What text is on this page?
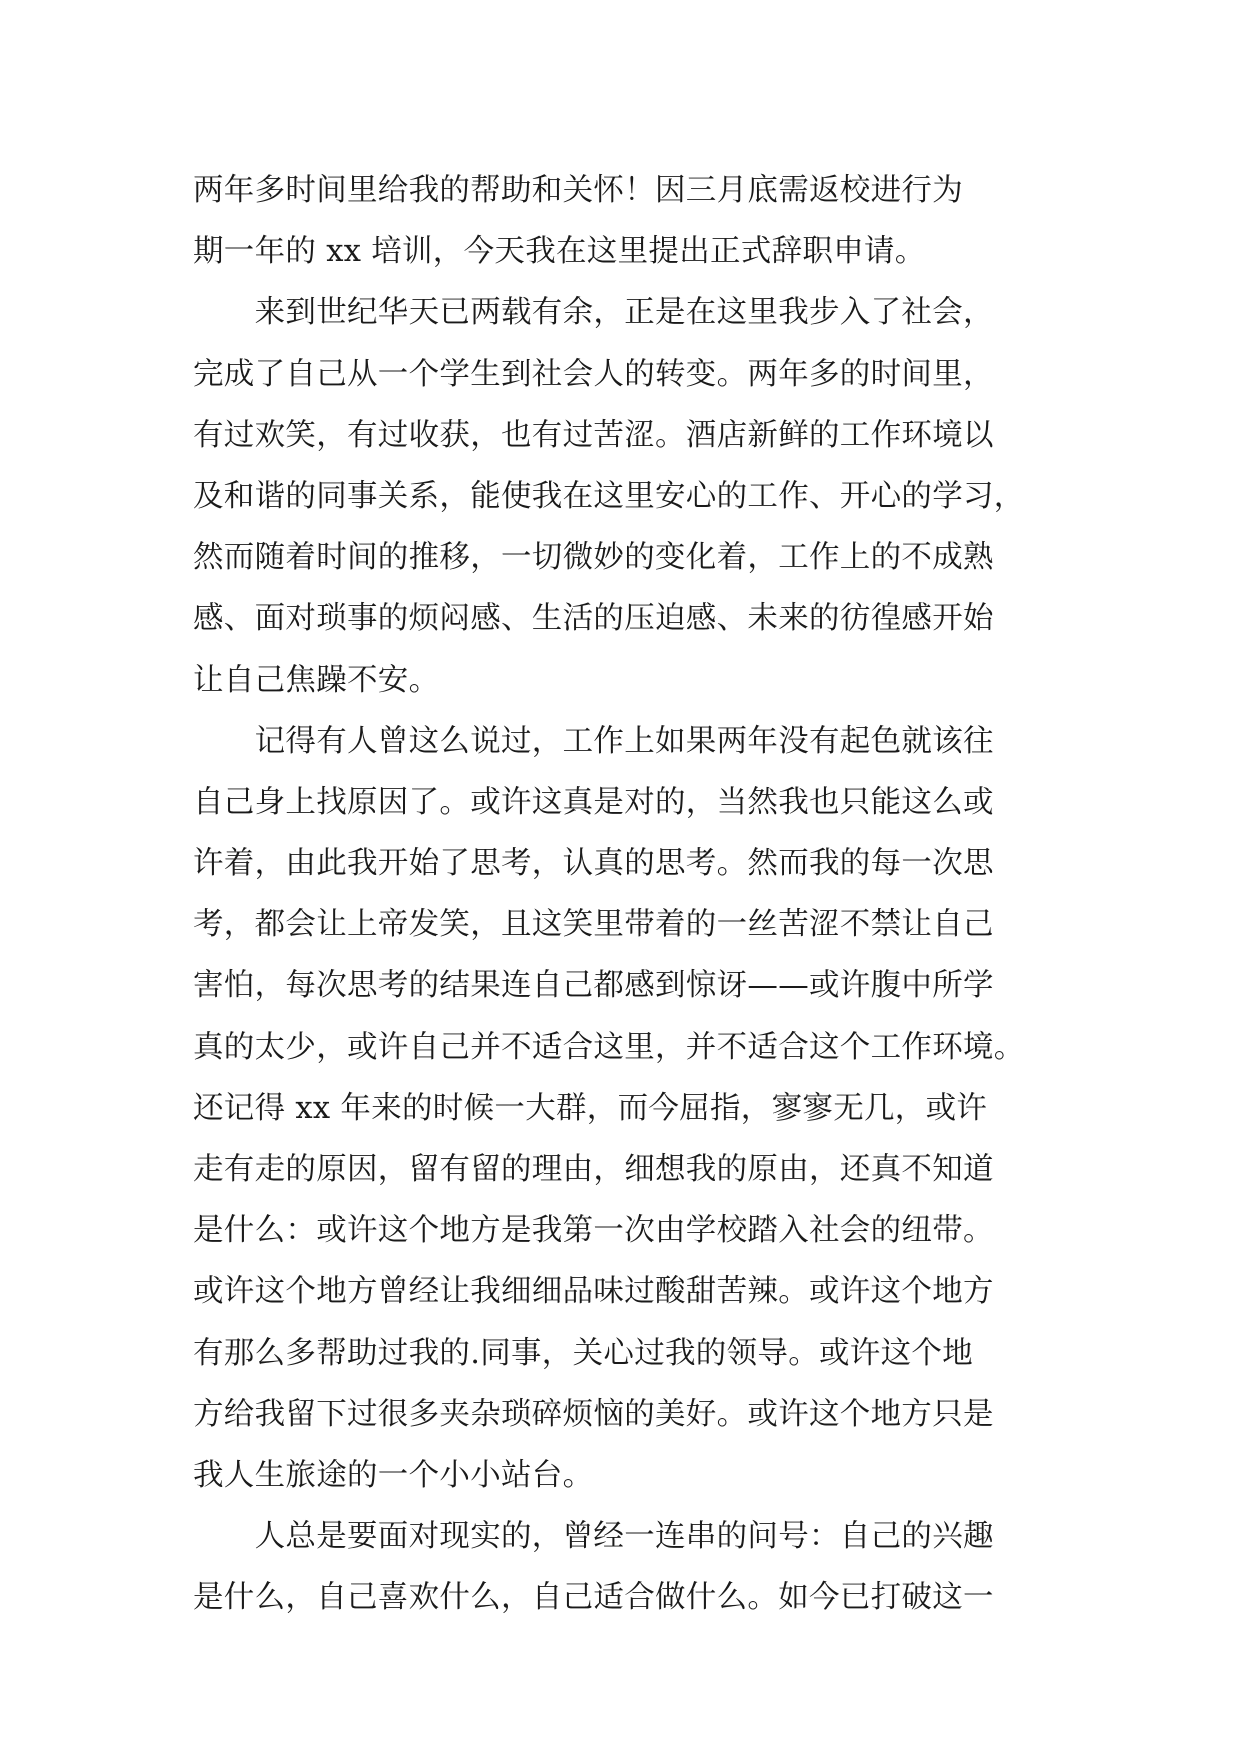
两年多时间里给我的帮助和关怀！因三月底需返校进行为
期一年的 xx 培训，今天我在这里提出正式辞职申请。
　　来到世纪华天已两载有余，正是在这里我步入了社会，
完成了自己从一个学生到社会人的转变。两年多的时间里，
有过欢笑，有过收获，也有过苦涩。酒店新鲜的工作环境以
及和谐的同事关系，能使我在这里安心的工作、开心的学习，
然而随着时间的推移，一切微妙的变化着，工作上的不成熟
感、面对琐事的烦闷感、生活的压迫感、未来的彷徨感开始
让自己焦躁不安。
　　记得有人曾这么说过，工作上如果两年没有起色就该往
自己身上找原因了。或许这真是对的，当然我也只能这么或
许着，由此我开始了思考，认真的思考。然而我的每一次思
考，都会让上帝发笑，且这笑里带着的一丝苦涩不禁让自己
害怕，每次思考的结果连自己都感到惊讶——或许腹中所学
真的太少，或许自己并不适合这里，并不适合这个工作环境。
还记得 xx 年来的时候一大群，而今屈指，寥寥无几，或许
走有走的原因，留有留的理由，细想我的原由，还真不知道
是什么：或许这个地方是我第一次由学校踏入社会的纽带。
或许这个地方曾经让我细细品味过酸甜苦辣。或许这个地方
有那么多帮助过我的.同事，关心过我的领导。或许这个地
方给我留下过很多夹杂琐碎烦恼的美好。或许这个地方只是
我人生旅途的一个小小站台。
　　人总是要面对现实的，曾经一连串的问号：自己的兴趣
是什么，自己喜欢什么，自己适合做什么。如今已打破这一
